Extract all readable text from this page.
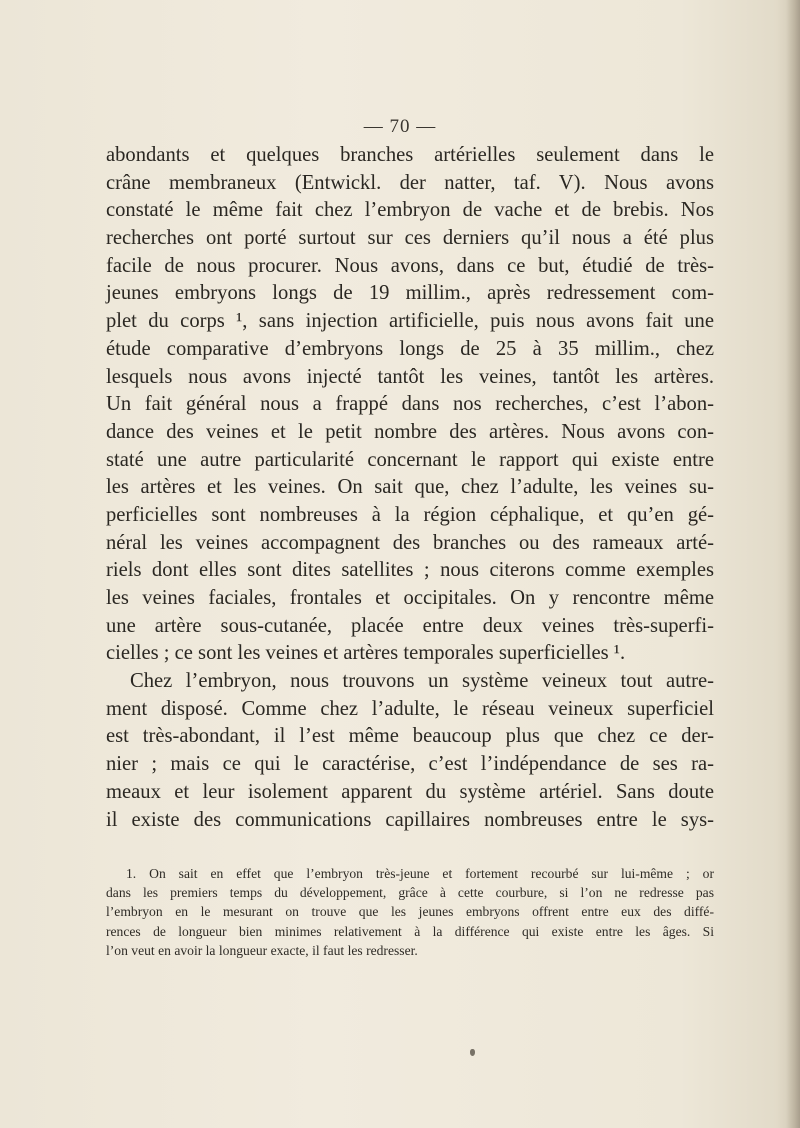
— 70 —
abondants et quelques branches artérielles seulement dans le
crâne membraneux (Entwickl. der natter, taf. V). Nous avons
constaté le même fait chez l’embryon de vache et de brebis. Nos
recherches ont porté surtout sur ces derniers qu’il nous a été plus
facile de nous procurer. Nous avons, dans ce but, étudié de très-
jeunes embryons longs de 19 millim., après redressement com-
plet du corps ¹, sans injection artificielle, puis nous avons fait une
étude comparative d’embryons longs de 25 à 35 millim., chez
lesquels nous avons injecté tantôt les veines, tantôt les artères.
Un fait général nous a frappé dans nos recherches, c’est l’abon-
dance des veines et le petit nombre des artères. Nous avons con-
staté une autre particularité concernant le rapport qui existe entre
les artères et les veines. On sait que, chez l’adulte, les veines su-
perficielles sont nombreuses à la région céphalique, et qu’en gé-
néral les veines accompagnent des branches ou des rameaux arté-
riels dont elles sont dites satellites ; nous citerons comme exemples
les veines faciales, frontales et occipitales. On y rencontre même
une artère sous-cutanée, placée entre deux veines très-superfi-
cielles ; ce sont les veines et artères temporales superficielles ¹.
Chez l’embryon, nous trouvons un système veineux tout autre-
ment disposé. Comme chez l’adulte, le réseau veineux superficiel
est très-abondant, il l’est même beaucoup plus que chez ce der-
nier ; mais ce qui le caractérise, c’est l’indépendance de ses ra-
meaux et leur isolement apparent du système artériel. Sans doute
il existe des communications capillaires nombreuses entre le sys-
1. On sait en effet que l’embryon très-jeune et fortement recourbé sur lui-même ; or
dans les premiers temps du développement, grâce à cette courbure, si l’on ne redresse pas
l’embryon en le mesurant on trouve que les jeunes embryons offrent entre eux des diffé-
rences de longueur bien minimes relativement à la différence qui existe entre les âges. Si
l’on veut en avoir la longueur exacte, il faut les redresser.
